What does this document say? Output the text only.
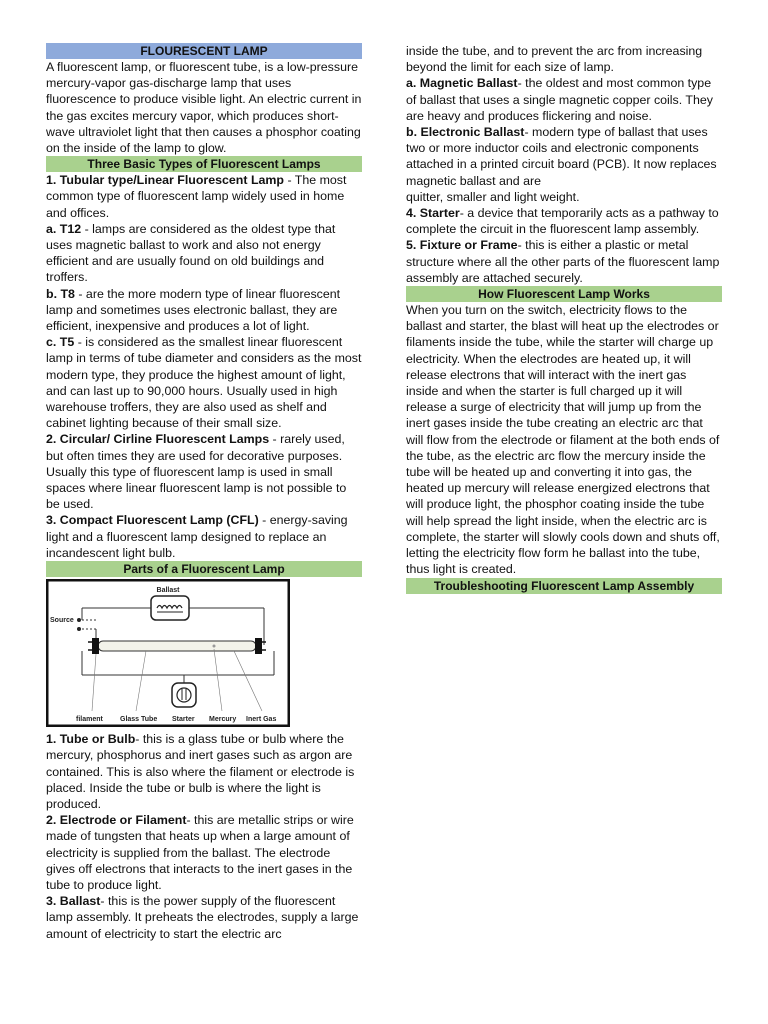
FLOURESCENT LAMP

A fluorescent lamp, or fluorescent tube, is a low-pressure mercury-vapor gas-discharge lamp that uses fluorescence to produce visible light. An electric current in the gas excites mercury vapor, which produces short-wave ultraviolet light that then causes a phosphor coating on the inside of the lamp to glow.

Three Basic Types of Fluorescent Lamps

1. Tubular type/Linear Fluorescent Lamp - The most common type of fluorescent lamp widely used in home and offices.

a. T12 - lamps are considered as the oldest type that uses magnetic ballast to work and also not energy efficient and are usually found on old buildings and troffers.

b. T8 - are the more modern type of linear fluorescent lamp and sometimes uses electronic ballast, they are efficient, inexpensive and produces a lot of light.

c. T5 - is considered as the smallest linear fluorescent lamp in terms of tube diameter and considers as the most modern type, they produce the highest amount of light, and can last up to 90,000 hours. Usually used in high warehouse troffers, they are also used as shelf and cabinet lighting because of their small size.

2. Circular/ Cirline Fluorescent Lamps - rarely used, but often times they are used for decorative purposes. Usually this type of fluorescent lamp is used in small spaces where linear fluorescent lamp is not possible to be used.

3. Compact Fluorescent Lamp (CFL) - energy-saving light and a fluorescent lamp designed to replace an incandescent light bulb.

Parts of a Fluorescent Lamp
Ballast
Source
filament Glass Tube Starter Mercury Inert Gas

1. Tube or Bulb- this is a glass tube or bulb where the mercury, phosphorus and inert gases such as argon are contained. This is also where the filament or electrode is placed. Inside the tube or bulb is where the light is

produced.

2. Electrode or Filament- this are metallic strips or wire made of tungsten that heats up when a large amount of electricity is supplied from the ballast. The electrode gives off electrons that interacts to the inert gases in the tube to produce light.

3. Ballast- this is the power supply of the fluorescent lamp assembly. It preheats the electrodes, supply a large amount of electricity to start the electric arc

inside the tube, and to prevent the arc from increasing beyond the limit for each size of lamp.

a. Magnetic Ballast- the oldest and most common type of ballast that uses a single magnetic copper coils. They are heavy and produces flickering and noise.

b. Electronic Ballast- modern type of ballast that uses two or more inductor coils and electronic components attached in a printed circuit board (PCB). It now replaces magnetic ballast and are

quitter, smaller and light weight.

4. Starter- a device that temporarily acts as a pathway to complete the circuit in the fluorescent lamp assembly.

5. Fixture or Frame- this is either a plastic or metal structure where all the other parts of the fluorescent lamp assembly are attached securely.

How Fluorescent Lamp Works

When you turn on the switch, electricity flows to the ballast and starter, the blast will heat up the electrodes or filaments inside the tube, while the starter will charge up electricity. When the electrodes are heated up, it will release electrons that will interact with the inert gas inside and when the starter is full charged up it will release a surge of electricity that will jump up from the inert gases inside the tube creating an electric arc that will flow from the electrode or filament at the both ends of the tube, as the electric arc flow the mercury inside the tube will be heated up and converting it into gas, the heated up mercury will release energized electrons that will produce light, the phosphor coating inside the tube will help spread the light inside, when the electric arc is complete, the starter will slowly cools down and shuts off, letting the electricity flow form he ballast into the tube, thus light is created.

Troubleshooting Fluorescent Lamp Assembly
